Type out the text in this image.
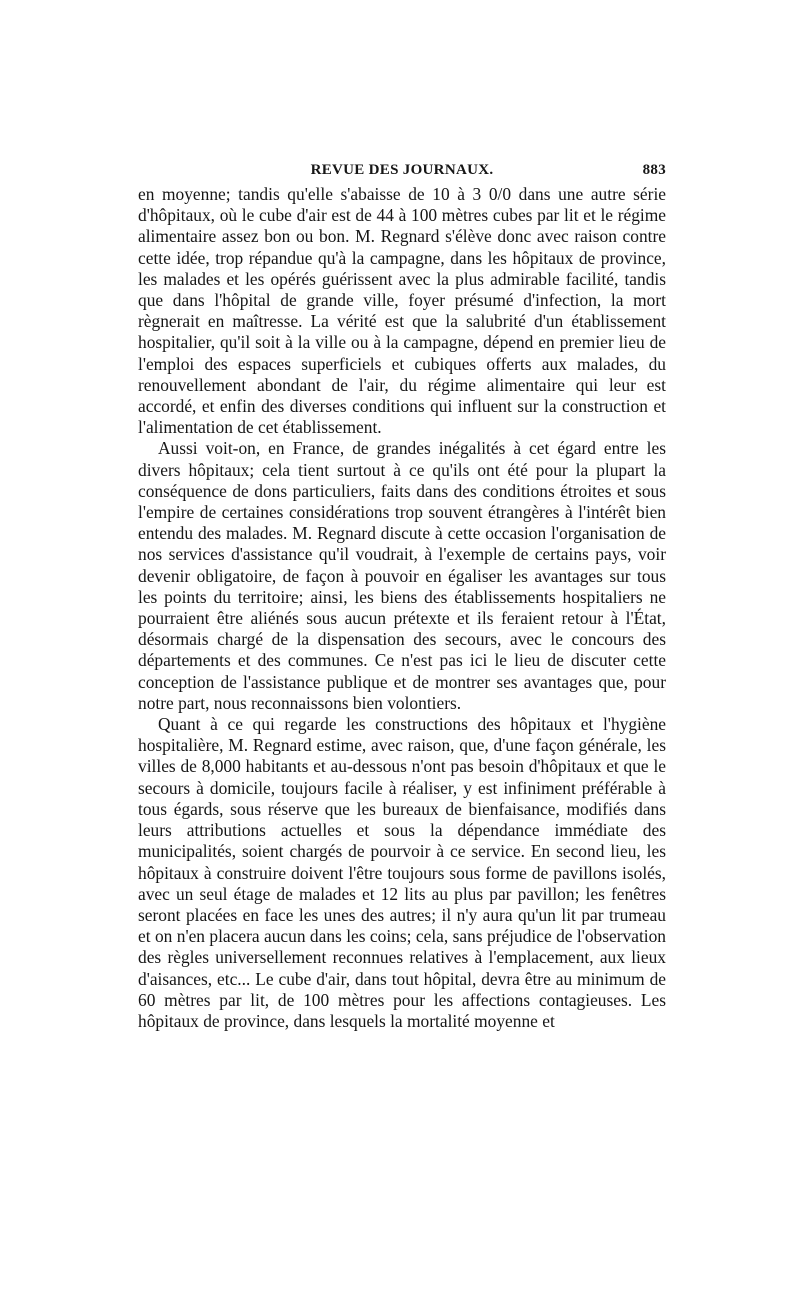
REVUE DES JOURNAUX.	883

en moyenne; tandis qu'elle s'abaisse de 10 à 3 0/0 dans une autre série d'hôpitaux, où le cube d'air est de 44 à 100 mètres cubes par lit et le régime alimentaire assez bon ou bon. M. Regnard s'élève donc avec raison contre cette idée, trop répandue qu'à la campagne, dans les hôpitaux de province, les malades et les opérés guérissent avec la plus admirable facilité, tandis que dans l'hôpital de grande ville, foyer présumé d'infection, la mort règnerait en maîtresse. La vérité est que la salubrité d'un établissement hospitalier, qu'il soit à la ville ou à la campagne, dépend en premier lieu de l'emploi des espaces superficiels et cubiques offerts aux malades, du renouvellement abondant de l'air, du régime alimentaire qui leur est accordé, et enfin des diverses conditions qui influent sur la construction et l'alimentation de cet établissement.

Aussi voit-on, en France, de grandes inégalités à cet égard entre les divers hôpitaux; cela tient surtout à ce qu'ils ont été pour la plupart la conséquence de dons particuliers, faits dans des conditions étroites et sous l'empire de certaines considérations trop souvent étrangères à l'intérêt bien entendu des malades. M. Regnard discute à cette occasion l'organisation de nos services d'assistance qu'il voudrait, à l'exemple de certains pays, voir devenir obligatoire, de façon à pouvoir en égaliser les avantages sur tous les points du territoire; ainsi, les biens des établissements hospitaliers ne pourraient être aliénés sous aucun prétexte et ils feraient retour à l'État, désormais chargé de la dispensation des secours, avec le concours des départements et des communes. Ce n'est pas ici le lieu de discuter cette conception de l'assistance publique et de montrer ses avantages que, pour notre part, nous reconnaissons bien volontiers.

Quant à ce qui regarde les constructions des hôpitaux et l'hygiène hospitalière, M. Regnard estime, avec raison, que, d'une façon générale, les villes de 8,000 habitants et au-dessous n'ont pas besoin d'hôpitaux et que le secours à domicile, toujours facile à réaliser, y est infiniment préférable à tous égards, sous réserve que les bureaux de bienfaisance, modifiés dans leurs attributions actuelles et sous la dépendance immédiate des municipalités, soient chargés de pourvoir à ce service. En second lieu, les hôpitaux à construire doivent l'être toujours sous forme de pavillons isolés, avec un seul étage de malades et 12 lits au plus par pavillon; les fenêtres seront placées en face les unes des autres; il n'y aura qu'un lit par trumeau et on n'en placera aucun dans les coins; cela, sans préjudice de l'observation des règles universellement reconnues relatives à l'emplacement, aux lieux d'aisances, etc... Le cube d'air, dans tout hôpital, devra être au minimum de 60 mètres par lit, de 100 mètres pour les affections contagieuses. Les hôpitaux de province, dans lesquels la mortalité moyenne et
